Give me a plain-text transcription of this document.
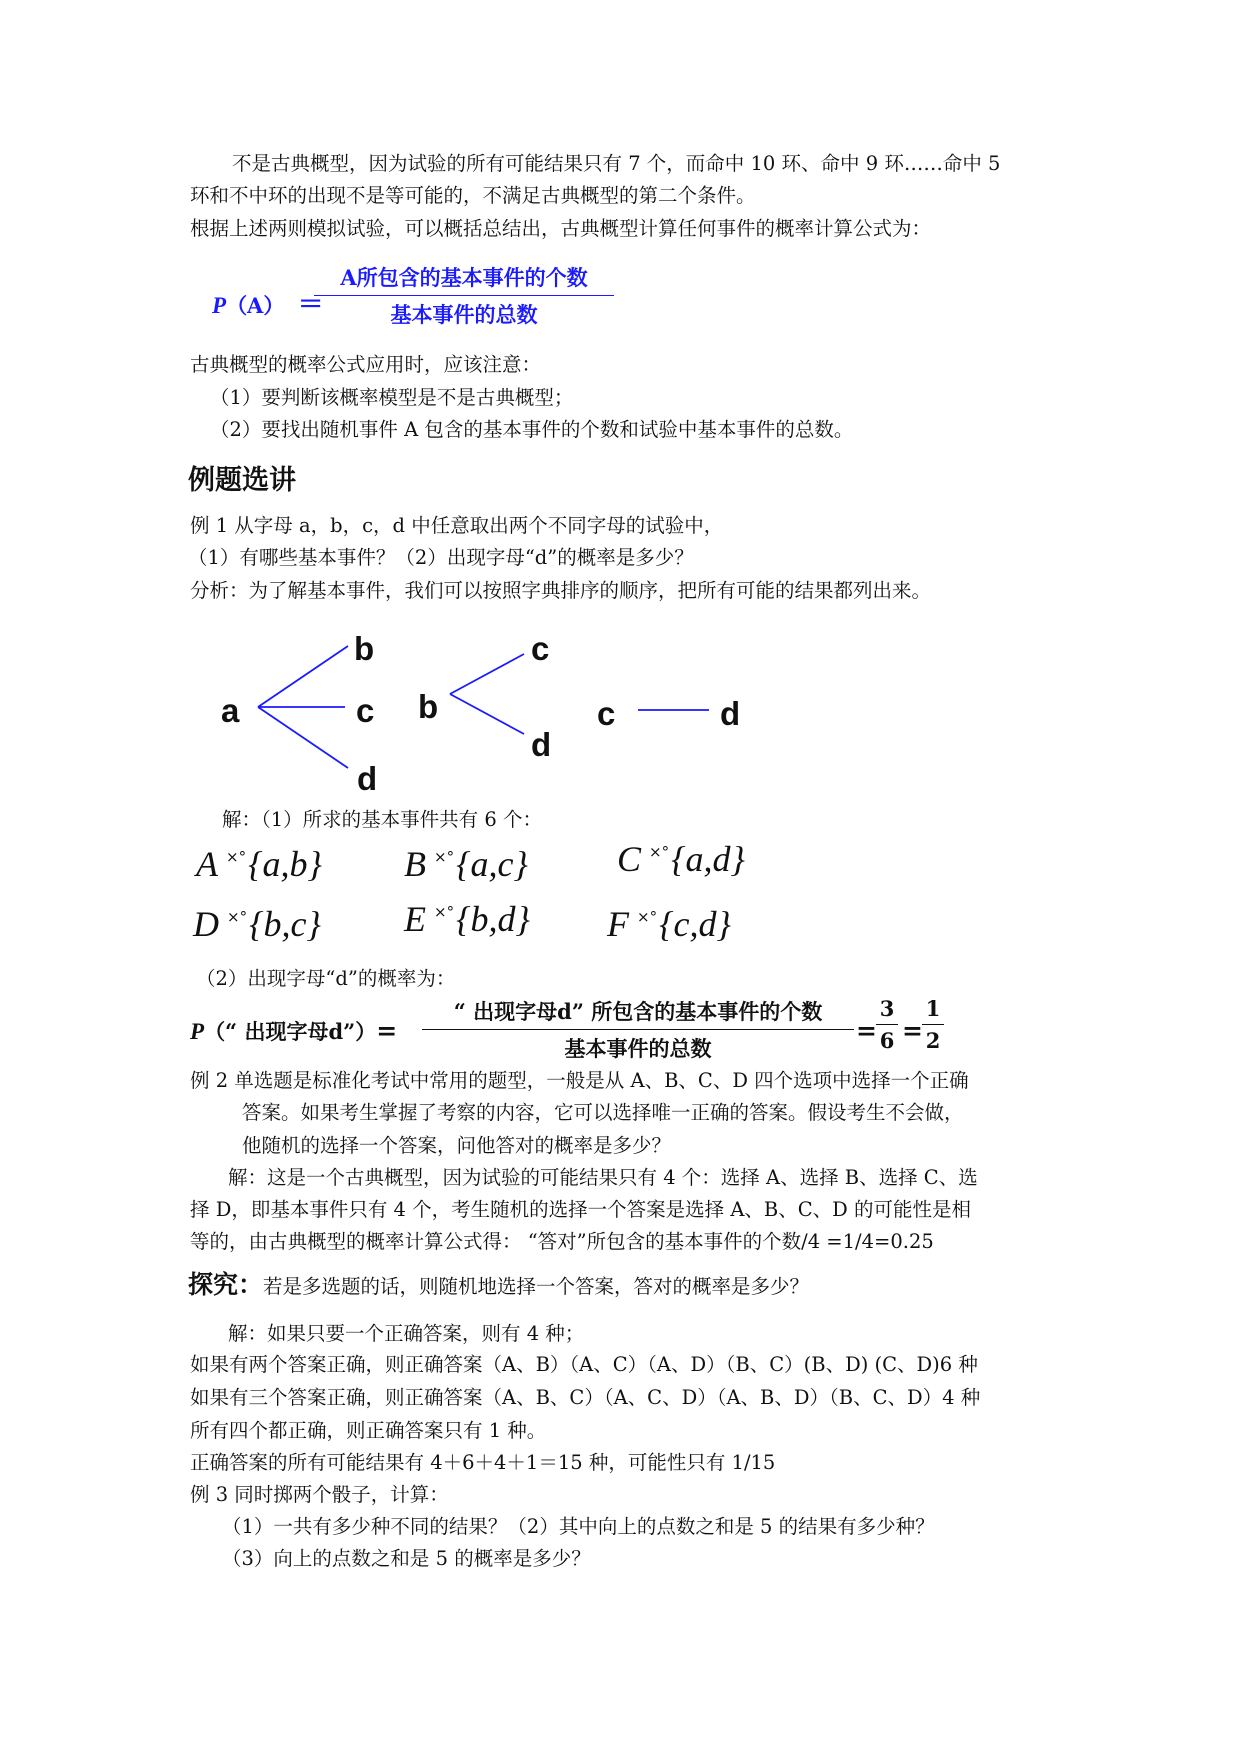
不是古典概型，因为试验的所有可能结果只有 7 个，而命中 10 环、命中 9 环……命中 5
环和不中环的出现不是等可能的，不满足古典概型的第二个条件。
根据上述两则模拟试验，可以概括总结出，古典概型计算任何事件的概率计算公式为：
P（A） ＝
A所包含的基本事件的个数
基本事件的总数
古典概型的概率公式应用时，应该注意：
（1）要判断该概率模型是不是古典概型；
（2）要找出随机事件 A 包含的基本事件的个数和试验中基本事件的总数。
例题选讲
例 1 从字母 a，b，c，d 中任意取出两个不同字母的试验中，
（1）有哪些基本事件？（2）出现字母“d”的概率是多少？
分析：为了解基本事件，我们可以按照字典排序的顺序，把所有可能的结果都列出来。
a
b
c
d
b
c
d
c	d
解：（1）所求的基本事件共有 6 个：
A ×°{a,b} B ×°{a,c} C ×°{a,d}
D ×°{b,c} E ×°{b,d} F ×°{c,d}
（2）出现字母“d”的概率为：
P（“ 出现字母d”）=
“ 出现字母d” 所包含的基本事件的个数
基本事件的总数
=
3
6 =
1
2
例 2 单选题是标准化考试中常用的题型，一般是从 A、B、C、D 四个选项中选择一个正确
答案。如果考生掌握了考察的内容，它可以选择唯一正确的答案。假设考生不会做，
他随机的选择一个答案，问他答对的概率是多少？
解：这是一个古典概型，因为试验的可能结果只有 4 个：选择 A、选择 B、选择 C、选
择 D，即基本事件只有 4 个，考生随机的选择一个答案是选择 A、B、C、D 的可能性是相
等的，由古典概型的概率计算公式得： “答对”所包含的基本事件的个数/4 =1/4=0.25
探究：若是多选题的话，则随机地选择一个答案，答对的概率是多少？
解：如果只要一个正确答案，则有 4 种；
如果有两个答案正确，则正确答案（A、B）（A、C）（A、D）（B、C）(B、D) (C、D)6 种
如果有三个答案正确，则正确答案（A、B、C）（A、C、D）（A、B、D）（B、C、D）4 种
所有四个都正确，则正确答案只有 1 种。
正确答案的所有可能结果有 4＋6＋4＋1＝15 种，可能性只有 1/15
例 3 同时掷两个骰子，计算：
（1）一共有多少种不同的结果？（2）其中向上的点数之和是 5 的结果有多少种？
（3）向上的点数之和是 5 的概率是多少？
